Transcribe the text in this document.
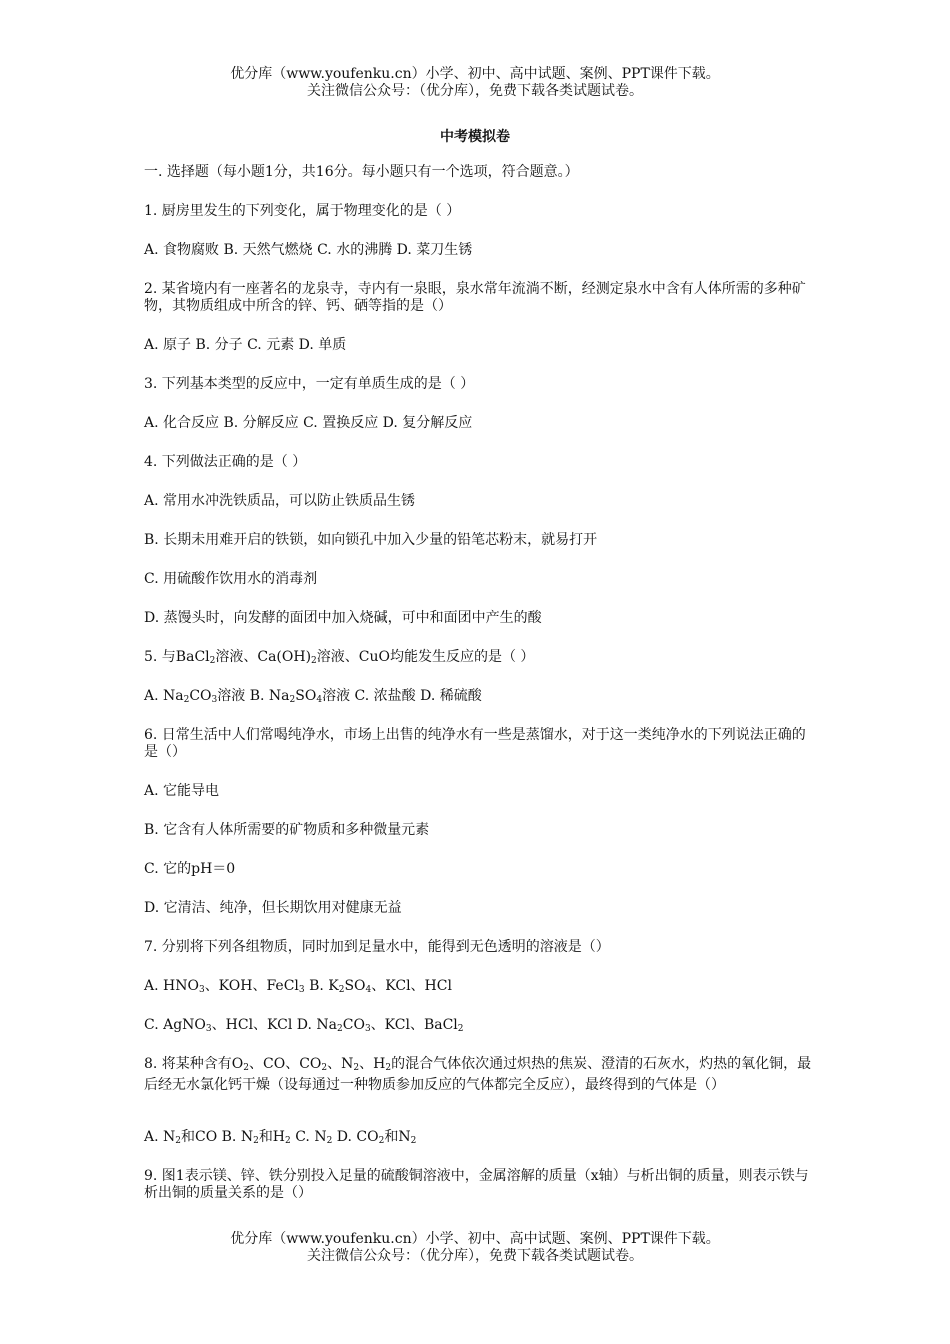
优分库（www.youfenku.cn）小学、初中、高中试题、案例、PPT课件下载。
关注微信公众号：（优分库），免费下载各类试题试卷。
中考模拟卷
一. 选择题（每小题1分，共16分。每小题只有一个选项，符合题意。）
1. 厨房里发生的下列变化，属于物理变化的是（ ）
A. 食物腐败 B. 天然气燃烧 C. 水的沸腾 D. 菜刀生锈
2. 某省境内有一座著名的龙泉寺，寺内有一泉眼，泉水常年流淌不断，经测定泉水中含有人体所需的多种矿物，其物质组成中所含的锌、钙、硒等指的是（）
A. 原子 B. 分子 C. 元素 D. 单质
3. 下列基本类型的反应中，一定有单质生成的是（ ）
A. 化合反应 B. 分解反应 C. 置换反应 D. 复分解反应
4. 下列做法正确的是（ ）
A. 常用水冲洗铁质品，可以防止铁质品生锈
B. 长期未用难开启的铁锁，如向锁孔中加入少量的铅笔芯粉末，就易打开
C. 用硫酸作饮用水的消毒剂
D. 蒸馒头时，向发酵的面团中加入烧碱，可中和面团中产生的酸
5. 与BaCl$_2$溶液、$Ca(OH)_2$溶液、CuO均能发生反应的是（ ）
A. $Na_2CO_3$溶液 B. $Na_2SO_4$溶液 C. 浓盐酸 D. 稀硫酸
6. 日常生活中人们常喝纯净水，市场上出售的纯净水有一些是蒸馏水，对于这一类纯净水的下列说法正确的是（）
A. 它能导电
B. 它含有人体所需要的矿物质和多种微量元素
C. 它的pH＝0
D. 它清洁、纯净，但长期饮用对健康无益
7. 分别将下列各组物质，同时加到足量水中，能得到无色透明的溶液是（）
A. $HNO_3$、KOH、FeCl$_3$ B. $K_2SO_4$、KCl、HCl
C. AgNO$_3$、HCl、KCl D. $Na_2CO_3$、KCl、BaCl$_2$
8. 将某种含有$O_2$、CO、$CO_2$、$N_2$、$H_2$的混合气体依次通过炽热的焦炭、澄清的石灰水，灼热的氧化铜，最后经无水氯化钙干燥（设每通过一种物质参加反应的气体都完全反应），最终得到的气体是（）
A. $N_2$和CO B. $N_2$和$H_2$ C. $N_2$ D. $CO_2$和$N_2$
9. 图1表示镁、锌、铁分别投入足量的硫酸铜溶液中，金属溶解的质量（x轴）与析出铜的质量，则表示铁与析出铜的质量关系的是（）
优分库（www.youfenku.cn）小学、初中、高中试题、案例、PPT课件下载。
关注微信公众号：（优分库），免费下载各类试题试卷。
